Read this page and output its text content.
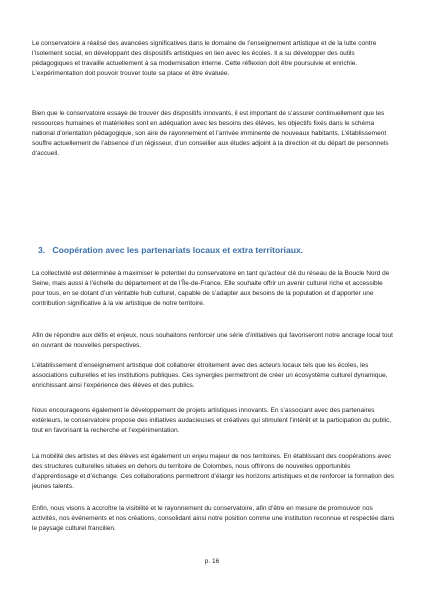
Le conservatoire a réalisé des avancées significatives dans le domaine de l’enseignement artistique et de la lutte contre l’isolement social, en développant des dispositifs artistiques en lien avec les écoles. Il a su développer des outils pédagogiques et travaille actuellement à sa modernisation interne. Cette réflexion doit être poursuivie et enrichie. L’expérimentation doit pouvoir trouver toute sa place et être évaluée.

Bien que le conservatoire essaye de trouver des dispositifs innovants, il est important de s’assurer continuellement que les ressources humaines et matérielles sont en adéquation avec les besoins des élèves, les objectifs fixés dans le schéma national d’orientation pédagogique, son aire de rayonnement et l’arrivée imminente de nouveaux habitants. L’établissement souffre actuellement de l’absence d’un régisseur, d’un conseiller aux études adjoint à la direction et du départ de personnels d’accueil.

3. Coopération avec les partenariats locaux et extra territoriaux.

La collectivité est déterminée à maximiser le potentiel du conservatoire en tant qu’acteur clé du réseau de la Boucle Nord de Seine, mais aussi à l’échelle du département et de l’Île-de-France. Elle souhaite offrir un avenir culturel riche et accessible pour tous, en se dotant d’un véritable hub culturel, capable de s’adapter aux besoins de la population et d’apporter une contribution significative à la vie artistique de notre territoire.

Afin de répondre aux défis et enjeux, nous souhaitons renforcer une série d’initiatives qui favoriseront notre ancrage local tout en ouvrant de nouvelles perspectives.

L’établissement d’enseignement artistique doit collaborer étroitement avec des acteurs locaux tels que les écoles, les associations culturelles et les institutions publiques. Ces synergies permettront de créer un écosystème culturel dynamique, enrichissant ainsi l’expérience des élèves et des publics.

Nous encourageons également le développement de projets artistiques innovants. En s’associant avec des partenaires extérieurs, le conservatoire propose des initiatives audacieuses et créatives qui stimulent l’intérêt et la participation du public, tout en favorisant la recherche et l’expérimentation.

La mobilité des artistes et des élèves est également un enjeu majeur de nos territoires. En établissant des coopérations avec des structures culturelles situées en dehors du territoire de Colombes, nous offrirons de nouvelles opportunités d’apprentissage et d’échange. Ces collaborations permettront d’élargir les horizons artistiques et de renforcer la formation des jeunes talents.

Enfin, nous visons à accroître la visibilité et le rayonnement du conservatoire, afin d’être en mesure de promouvoir nos activités, nos événements et nos créations, consolidant ainsi notre position comme une institution reconnue et respectée dans le paysage culturel francilien.

p. 16
